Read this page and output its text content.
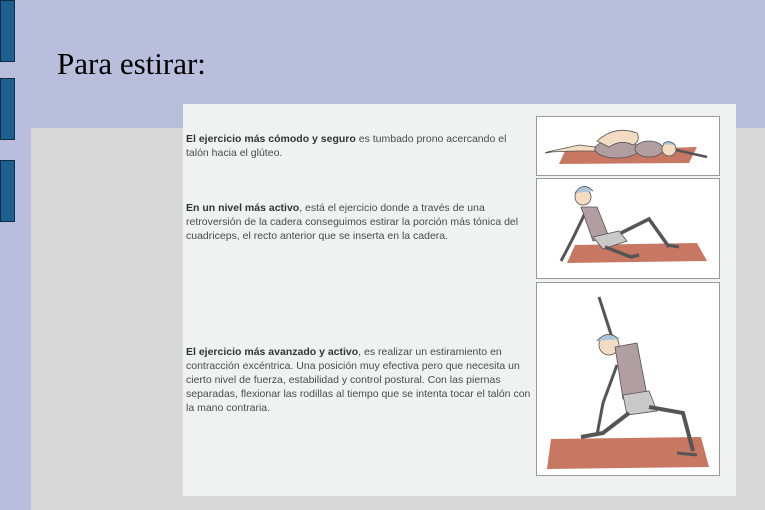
Para estirar:
El ejercicio más cómodo y seguro es tumbado prono acercando el talón hacia el glúteo.
En un nivel más activo, está el ejercicio donde a través de una retroversión de la cadera conseguimos estirar la porción más tónica del cuadriceps, el recto anterior que se inserta en la cadera.
El ejercicio más avanzado y activo, es realizar un estiramiento en contracción excéntrica. Una posición muy efectiva pero que necesita un cierto nivel de fuerza, estabilidad y control postural. Con las piernas separadas, flexionar las rodillas al tiempo que se intenta tocar el talón con la mano contraria.
